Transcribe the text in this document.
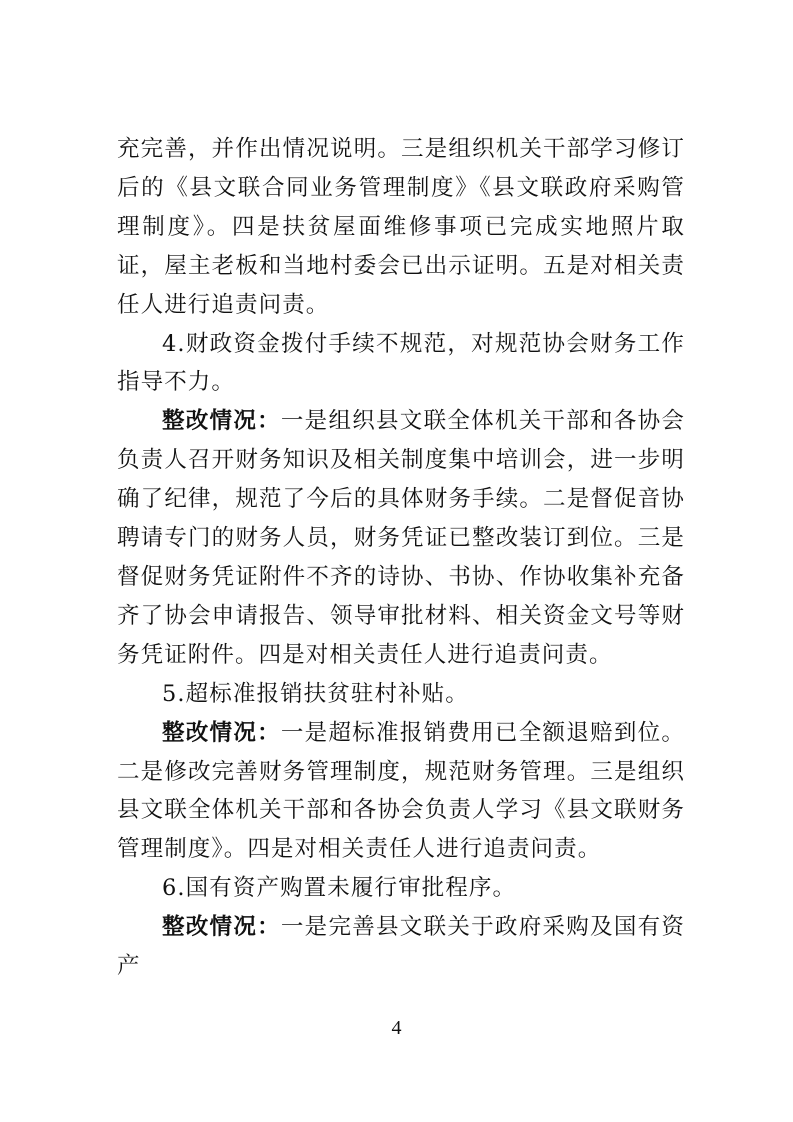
充完善，并作出情况说明。三是组织机关干部学习修订后的《县文联合同业务管理制度》《县文联政府采购管理制度》。四是扶贫屋面维修事项已完成实地照片取证，屋主老板和当地村委会已出示证明。五是对相关责任人进行追责问责。

4.财政资金拨付手续不规范，对规范协会财务工作指导不力。

整改情况：一是组织县文联全体机关干部和各协会负责人召开财务知识及相关制度集中培训会，进一步明确了纪律，规范了今后的具体财务手续。二是督促音协聘请专门的财务人员，财务凭证已整改装订到位。三是督促财务凭证附件不齐的诗协、书协、作协收集补充备齐了协会申请报告、领导审批材料、相关资金文号等财务凭证附件。四是对相关责任人进行追责问责。

5.超标准报销扶贫驻村补贴。

整改情况：一是超标准报销费用已全额退赔到位。二是修改完善财务管理制度，规范财务管理。三是组织县文联全体机关干部和各协会负责人学习《县文联财务管理制度》。四是对相关责任人进行追责问责。

6.国有资产购置未履行审批程序。

整改情况：一是完善县文联关于政府采购及国有资产

4
